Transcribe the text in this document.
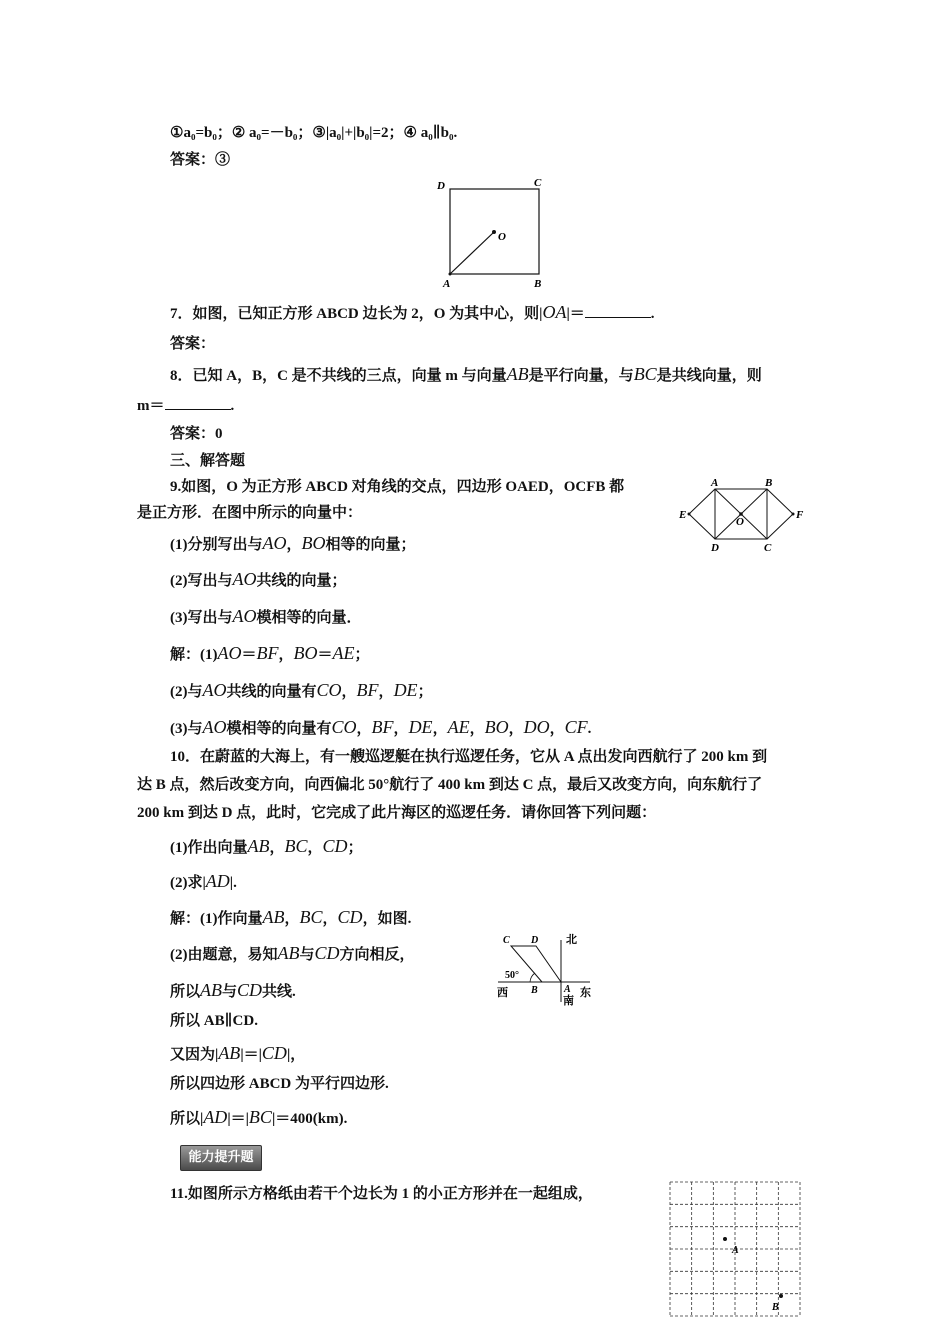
①a₀=b₀；② a₀=－b₀；③|a₀|+|b₀|=2；④ a₀∥b₀.
答案：③
D	C
O
A	B
7．如图，已知正方形 ABCD 边长为 2，O 为其中心，则|OA|＝	.
答案：
8．已知 A，B，C 是不共线的三点，向量 m 与向量AB是平行向量，与BC是共线向量，则
m＝	.
答案：0
三、解答题
9.如图，O 为正方形 ABCD 对角线的交点，四边形 OAED，OCFB 都
是正方形．在图中所示的向量中：
A	B
E
O
F
D	C
(1)分别写出与AO，BO相等的向量；
(2)写出与AO共线的向量；
(3)写出与AO模相等的向量．
解：(1)AO＝BF，BO＝AE；
(2)与AO共线的向量有CO，BF，DE；
(3)与AO模相等的向量有CO，BF，DE，AE，BO，DO，CF.
10．在蔚蓝的大海上，有一艘巡逻艇在执行巡逻任务，它从 A 点出发向西航行了 200 km 到
达 B 点，然后改变方向，向西偏北 50°航行了 400 km 到达 C 点，最后又改变方向，向东航行了
200 km 到达 D 点，此时，它完成了此片海区的巡逻任务．请你回答下列问题：
(1)作出向量AB，BC，CD；
(2)求|AD|.
解：(1)作向量AB，BC，CD，如图.
(2)由题意，易知AB与CD方向相反，
所以AB与CD共线.
所以 AB∥CD.
又因为|AB|＝|CD|，
所以四边形 ABCD 为平行四边形.
所以|AD|＝|BC|＝400(km).
C D	北
50°
西 B	A
南
东
能力提升题
11.如图所示方格纸由若干个边长为 1 的小正方形并在一起组成，
A
B
